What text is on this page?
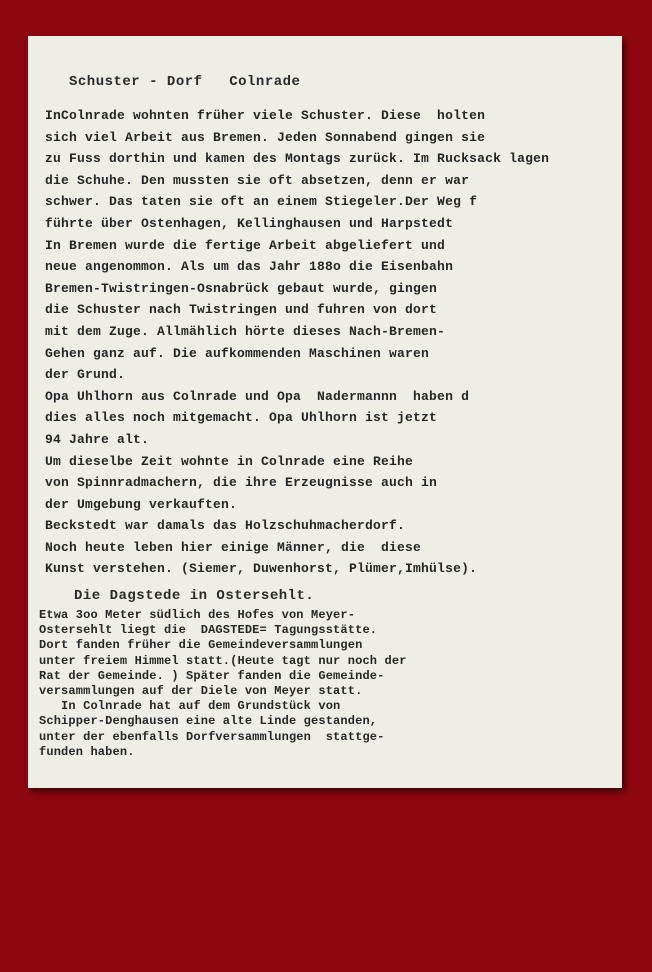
Schuster - Dorf   Colnrade
InColnrade wohnten früher viele Schuster. Diese  holten
sich viel Arbeit aus Bremen. Jeden Sonnabend gingen sie
zu Fuss dorthin und kamen des Montags zurück. Im Rucksack lagen
die Schuhe. Den mussten sie oft absetzen, denn er war
schwer. Das taten sie oft an einem Stiegeler.Der Weg f
führte über Ostenhagen, Kellinghausen und Harpstedt
In Bremen wurde die fertige Arbeit abgeliefert und
neue angenommon. Als um das Jahr 188o die Eisenbahn
Bremen-Twistringen-Osnabrück gebaut wurde, gingen
die Schuster nach Twistringen und fuhren von dort
mit dem Zuge. Allmählich hörte dieses Nach-Bremen-
Gehen ganz auf. Die aufkommenden Maschinen waren
der Grund.
Opa Uhlhorn aus Colnrade und Opa  Nadermannn  haben d
dies alles noch mitgemacht. Opa Uhlhorn ist jetzt
94 Jahre alt.
Um dieselbe Zeit wohnte in Colnrade eine Reihe
von Spinnradmachern, die ihre Erzeugnisse auch in
der Umgebung verkauften.
Beckstedt war damals das Holzschuhmacherdorf.
Noch heute leben hier einige Männer, die  diese
Kunst verstehen. (Siemer, Duwenhorst, Plümer,Imhülse).
Die Dagstede in Ostersehlt.
Etwa 3oo Meter südlich des Hofes von Meyer-
Ostersehlt liegt die  DAGSTEDE= Tagungsstätte.
Dort fanden früher die Gemeindeversammlungen
unter freiem Himmel statt.(Heute tagt nur noch der
Rat der Gemeinde. ) Später fanden die Gemeinde-
versammlungen auf der Diele von Meyer statt.
In Colnrade hat auf dem Grundstück von
Schipper-Denghausen eine alte Linde gestanden,
unter der ebenfalls Dorfversammlungen  stattge-
funden haben.
